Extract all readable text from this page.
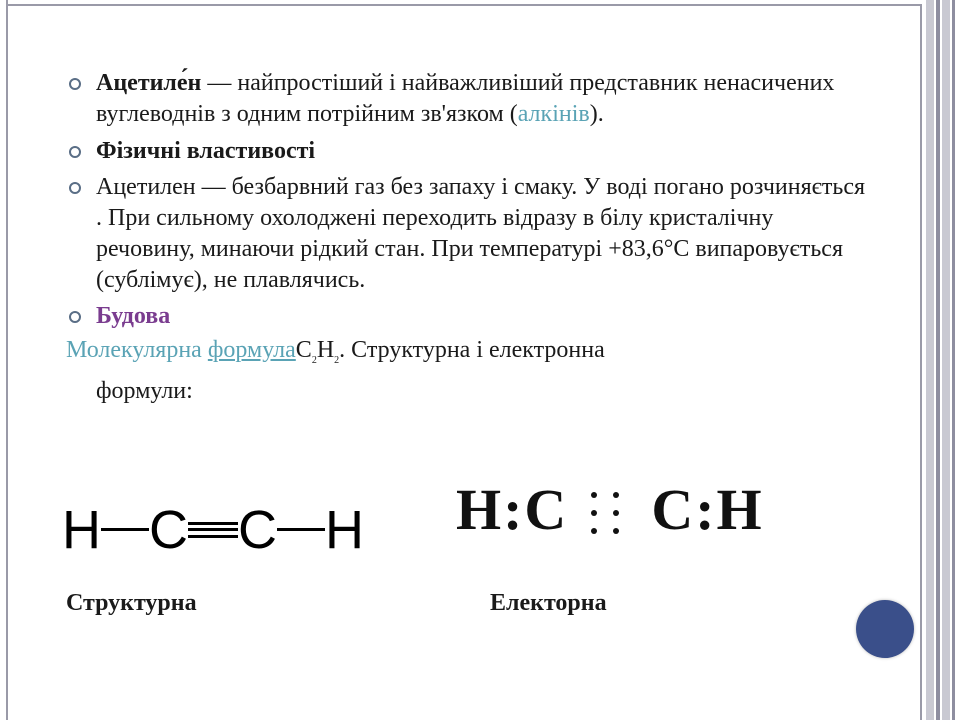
Ацетиле́н — найпростіший і найважливіший представник ненасичених вуглеводнів з одним потрійним зв'язком (алкінів).
Фізичні властивості
Ацетилен — безбарвний газ без запаху і смаку. У воді погано розчиняється . При сильному охолоджені переходить відразу в білу кристалічну речовину, минаючи рідкий стан. При температурі +83,6°C випаровується (сублімує), не плавлячись.
Будова
Молекулярна $формулаC_2H_2$. Структурна і електронна
формули:
H C C H H:C C:H
Структурна	Електорна
